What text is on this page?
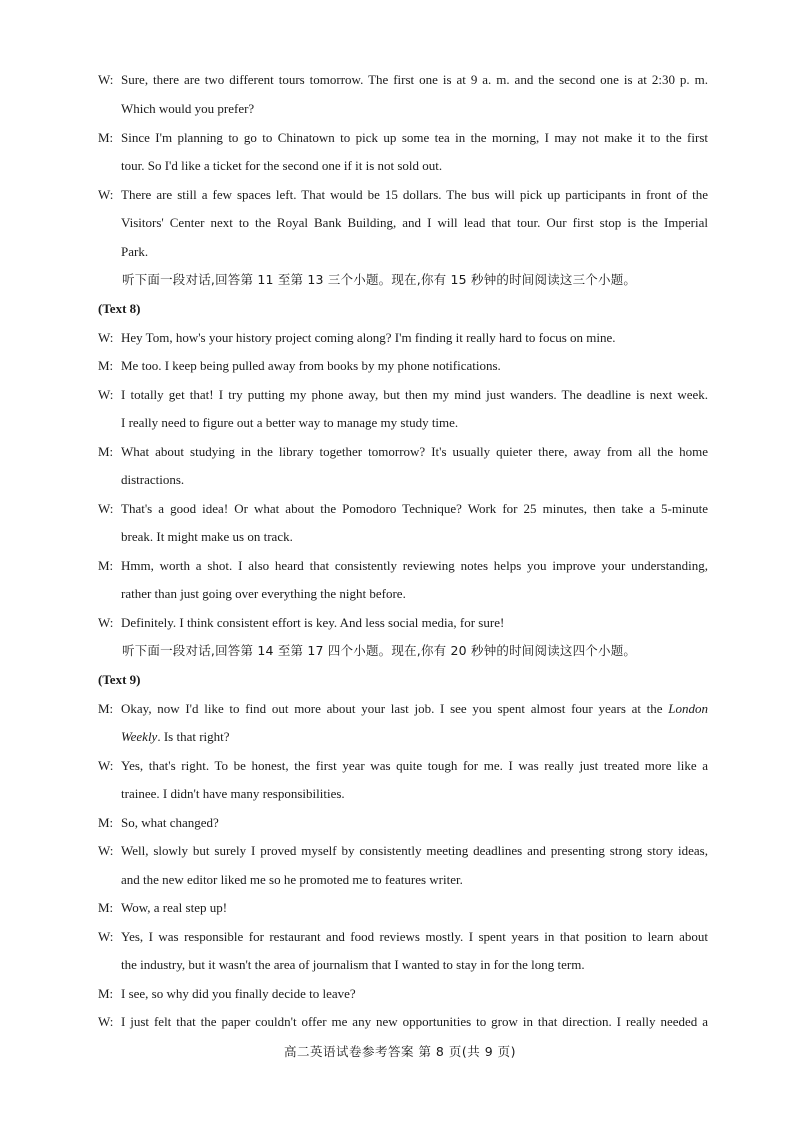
W: Sure, there are two different tours tomorrow. The first one is at 9 a. m. and the second one is at 2:30 p. m.
Which would you prefer?
M: Since I'm planning to go to Chinatown to pick up some tea in the morning, I may not make it to the first
tour. So I'd like a ticket for the second one if it is not sold out.
W: There are still a few spaces left. That would be 15 dollars. The bus will pick up participants in front of the
Visitors' Center next to the Royal Bank Building, and I will lead that tour. Our first stop is the Imperial
Park.
听下面一段对话,回答第 11 至第 13 三个小题。现在,你有 15 秒钟的时间阅读这三个小题。
(Text 8)
W: Hey Tom, how's your history project coming along? I'm finding it really hard to focus on mine.
M: Me too. I keep being pulled away from books by my phone notifications.
W: I totally get that! I try putting my phone away, but then my mind just wanders. The deadline is next week.
I really need to figure out a better way to manage my study time.
M: What about studying in the library together tomorrow? It's usually quieter there, away from all the home
distractions.
W: That's a good idea! Or what about the Pomodoro Technique? Work for 25 minutes, then take a 5-minute
break. It might make us on track.
M: Hmm, worth a shot. I also heard that consistently reviewing notes helps you improve your understanding,
rather than just going over everything the night before.
W: Definitely. I think consistent effort is key. And less social media, for sure!
听下面一段对话,回答第 14 至第 17 四个小题。现在,你有 20 秒钟的时间阅读这四个小题。
(Text 9)
M: Okay, now I'd like to find out more about your last job. I see you spent almost four years at the London
Weekly. Is that right?
W: Yes, that's right. To be honest, the first year was quite tough for me. I was really just treated more like a
trainee. I didn't have many responsibilities.
M: So, what changed?
W: Well, slowly but surely I proved myself by consistently meeting deadlines and presenting strong story ideas,
and the new editor liked me so he promoted me to features writer.
M: Wow, a real step up!
W: Yes, I was responsible for restaurant and food reviews mostly. I spent years in that position to learn about
the industry, but it wasn't the area of journalism that I wanted to stay in for the long term.
M: I see, so why did you finally decide to leave?
W: I just felt that the paper couldn't offer me any new opportunities to grow in that direction. I really needed a
高二英语试卷参考答案 第 8 页(共 9 页)
